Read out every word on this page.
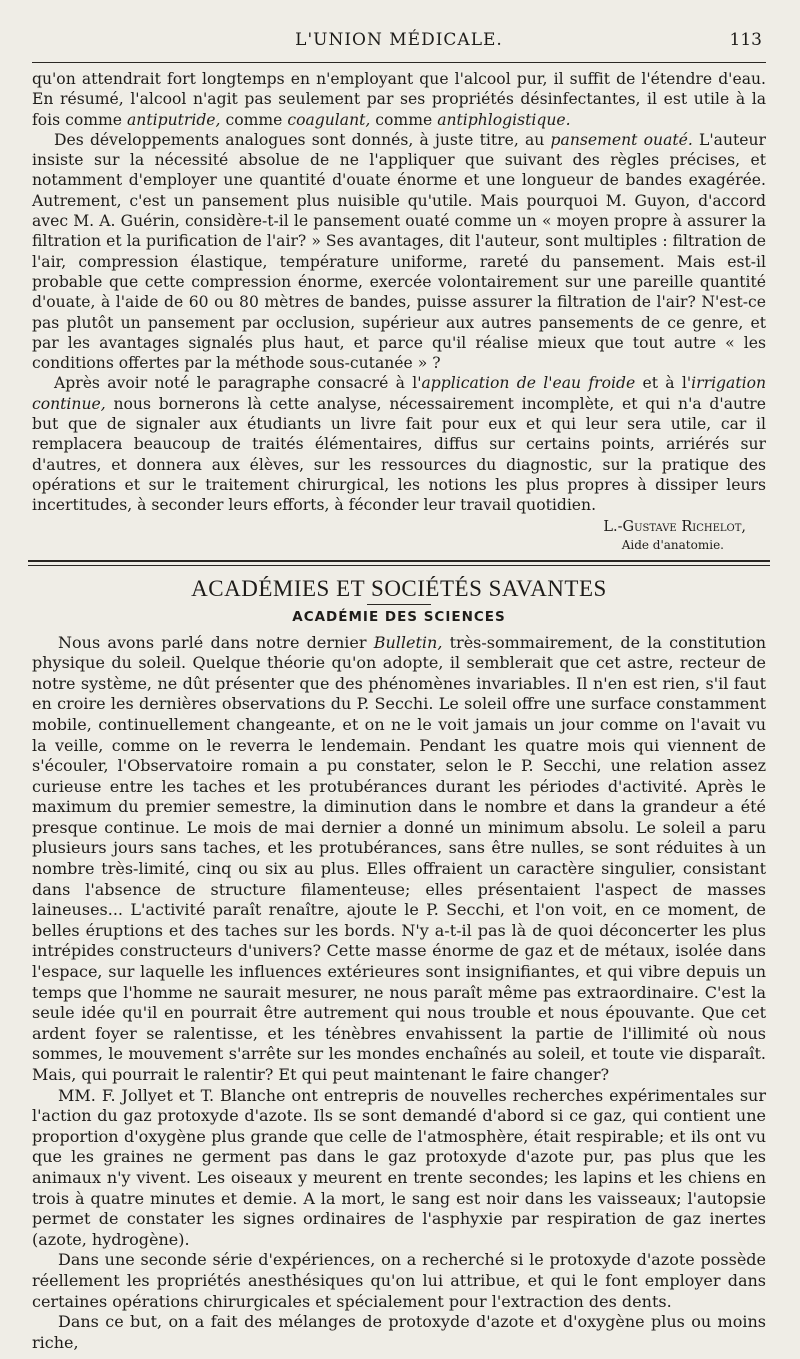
L'UNION MÉDICALE.	113

qu'on attendrait fort longtemps en n'employant que l'alcool pur, il suffit de l'étendre d'eau. En résumé, l'alcool n'agit pas seulement par ses propriétés désinfectantes, il est utile à la fois comme antiputride, comme coagulant, comme antiphlogistique.

Des développements analogues sont donnés, à juste titre, au pansement ouaté. L'auteur insiste sur la nécessité absolue de ne l'appliquer que suivant des règles précises, et notamment d'employer une quantité d'ouate énorme et une longueur de bandes exagérée. Autrement, c'est un pansement plus nuisible qu'utile. Mais pourquoi M. Guyon, d'accord avec M. A. Guérin, considère-t-il le pansement ouaté comme un « moyen propre à assurer la filtration et la purification de l'air? » Ses avantages, dit l'auteur, sont multiples : filtration de l'air, compression élastique, température uniforme, rareté du pansement. Mais est-il probable que cette compression énorme, exercée volontairement sur une pareille quantité d'ouate, à l'aide de 60 ou 80 mètres de bandes, puisse assurer la filtration de l'air? N'est-ce pas plutôt un pansement par occlusion, supérieur aux autres pansements de ce genre, et par les avantages signalés plus haut, et parce qu'il réalise mieux que tout autre « les conditions offertes par la méthode sous-cutanée » ?

Après avoir noté le paragraphe consacré à l'application de l'eau froide et à l'irrigation continue, nous bornerons là cette analyse, nécessairement incomplète, et qui n'a d'autre but que de signaler aux étudiants un livre fait pour eux et qui leur sera utile, car il remplacera beaucoup de traités élémentaires, diffus sur certains points, arriérés sur d'autres, et donnera aux élèves, sur les ressources du diagnostic, sur la pratique des opérations et sur le traitement chirurgical, les notions les plus propres à dissiper leurs incertitudes, à seconder leurs efforts, à féconder leur travail quotidien.

L.-Gustave Richelot,
Aide d'anatomie.
ACADÉMIES ET SOCIÉTÉS SAVANTES
ACADÉMIE DES SCIENCES

Nous avons parlé dans notre dernier Bulletin, très-sommairement, de la constitution physique du soleil. Quelque théorie qu'on adopte, il semblerait que cet astre, recteur de notre système, ne dût présenter que des phénomènes invariables. Il n'en est rien, s'il faut en croire les dernières observations du P. Secchi. Le soleil offre une surface constamment mobile, continuellement changeante, et on ne le voit jamais un jour comme on l'avait vu la veille, comme on le reverra le lendemain. Pendant les quatre mois qui viennent de s'écouler, l'Observatoire romain a pu constater, selon le P. Secchi, une relation assez curieuse entre les taches et les protubérances durant les périodes d'activité. Après le maximum du premier semestre, la diminution dans le nombre et dans la grandeur a été presque continue. Le mois de mai dernier a donné un minimum absolu. Le soleil a paru plusieurs jours sans taches, et les protubérances, sans être nulles, se sont réduites à un nombre très-limité, cinq ou six au plus. Elles offraient un caractère singulier, consistant dans l'absence de structure filamenteuse; elles présentaient l'aspect de masses laineuses... L'activité paraît renaître, ajoute le P. Secchi, et l'on voit, en ce moment, de belles éruptions et des taches sur les bords. N'y a-t-il pas là de quoi déconcerter les plus intrépides constructeurs d'univers? Cette masse énorme de gaz et de métaux, isolée dans l'espace, sur laquelle les influences extérieures sont insignifiantes, et qui vibre depuis un temps que l'homme ne saurait mesurer, ne nous paraît même pas extraordinaire. C'est la seule idée qu'il en pourrait être autrement qui nous trouble et nous épouvante. Que cet ardent foyer se ralentisse, et les ténèbres envahissent la partie de l'illimité où nous sommes, le mouvement s'arrête sur les mondes enchaînés au soleil, et toute vie disparaît. Mais, qui pourrait le ralentir? Et qui peut maintenant le faire changer?

MM. F. Jollyet et T. Blanche ont entrepris de nouvelles recherches expérimentales sur l'action du gaz protoxyde d'azote. Ils se sont demandé d'abord si ce gaz, qui contient une proportion d'oxygène plus grande que celle de l'atmosphère, était respirable; et ils ont vu que les graines ne germent pas dans le gaz protoxyde d'azote pur, pas plus que les animaux n'y vivent. Les oiseaux y meurent en trente secondes; les lapins et les chiens en trois à quatre minutes et demie. A la mort, le sang est noir dans les vaisseaux; l'autopsie permet de constater les signes ordinaires de l'asphyxie par respiration de gaz inertes (azote, hydrogène).

Dans une seconde série d'expériences, on a recherché si le protoxyde d'azote possède réellement les propriétés anesthésiques qu'on lui attribue, et qui le font employer dans certaines opérations chirurgicales et spécialement pour l'extraction des dents.

Dans ce but, on a fait des mélanges de protoxyde d'azote et d'oxygène plus ou moins riche,
